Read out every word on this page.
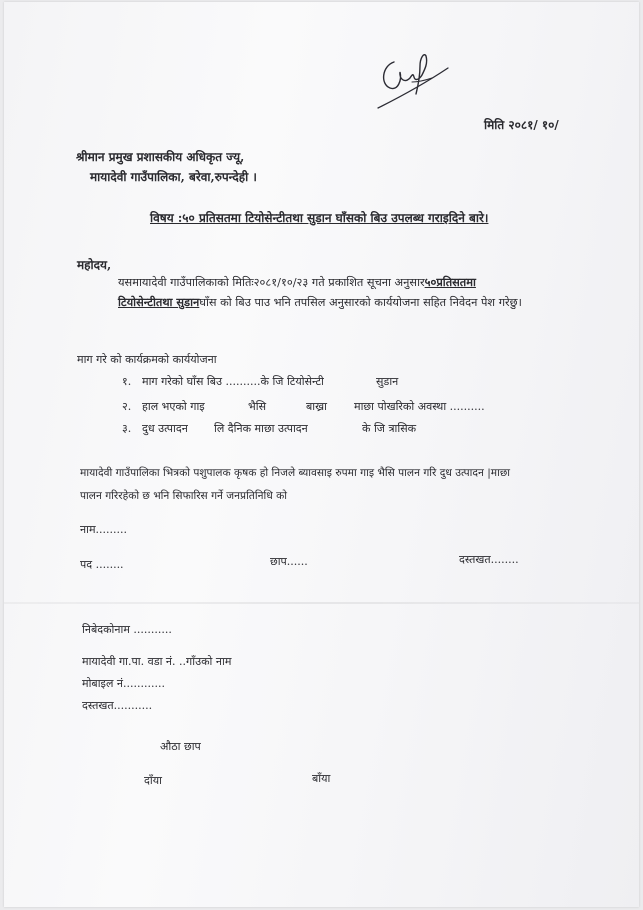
मिति २०८१/ १०/
श्रीमान प्रमुख प्रशासकीय अधिकृत ज्यू,
मायादेवी गाउँपालिका, बरेवा,रुपन्देही ।
विषय :५० प्रतिसतमा टियोसेन्टीतथा सुडान घाँसको बिउ उपलब्ध गराइदिने बारे।
महोदय,
यसमायादेवी गाउँपालिकाको मितिः२०८१/१०/२३ गते प्रकाशित सूचना अनुसार५०प्रतिसतमा
टियोसेन्टीतथा सुडानघाँस को बिउ पाउ भनि तपसिल अनुसारको कार्ययोजना सहित निवेदन पेश गरेछु।
माग गरे को कार्यक्रमको कार्ययोजना
१. माग गरेको घाँस बिउ ..........के जि टियोसेन्टी	सुडान
२. हाल भएको गाइ	भैसि	बाख्रा माछा पोखरिको अवस्था ..........
३. दुध उत्पादन लि दैनिक माछा उत्पादन	के जि त्रासिक
मायादेवी गाउँपालिका भित्रको पशुपालक कृषक हो निजले ब्यावसाइ रुपमा गाइ भैसि पालन गरि दुध उत्पादन |माछा
पालन गरिरहेको छ भनि सिफारिस गर्ने जनप्रतिनिधि को
नाम.........
पद ........	छाप......	दस्तखत........
निबेदकोनाम ...........
मायादेवी गा.पा. वडा नं. ..गाँउको नाम
मोबाइल नं............
दस्तखत...........
औठा छाप
दाँया	बाँया
